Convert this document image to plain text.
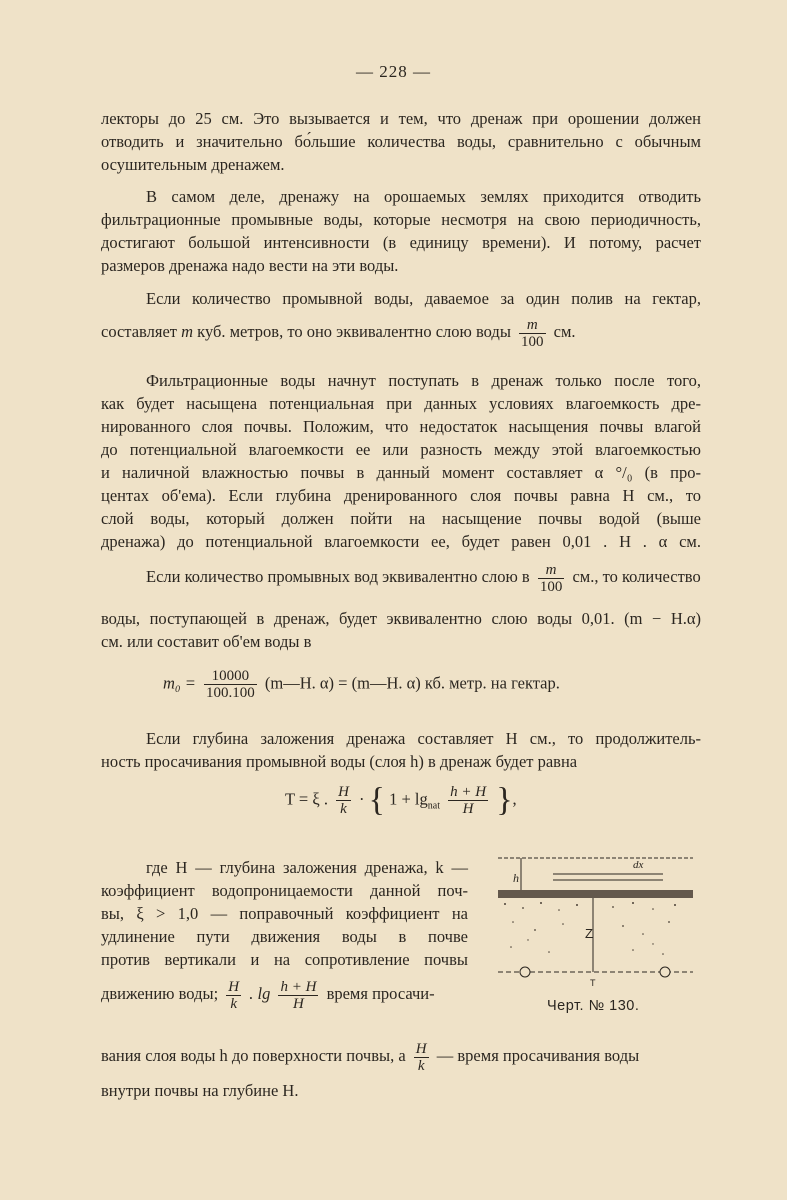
— 228 —
лекторы до 25 см. Это вызывается и тем, что дренаж при орошении должен
отводить и значительно бо́льшие количества воды, сравнительно с обычным
осушительным дренажем.
В самом деле, дренажу на орошаемых землях приходится отводить
фильтрационные промывные воды, которые несмотря на свою периодичность,
достигают большой интенсивности (в единицу времени). И потому, расчет
размеров дренажа надо вести на эти воды.
Если количество промывной воды, даваемое за один полив на гектар,
составляет m куб. метров, то оно эквивалентно слою воды $\frac{m}{100}$ см.
Фильтрационные воды начнут поступать в дренаж только после того,
как будет насыщена потенциальная при данных условиях влагоемкость дре-
нированного слоя почвы. Положим, что недостаток насыщения почвы влагой
до потенциальной влагоемкости ее или разность между этой влагоемкостью
и наличной влажностью почвы в данный момент составляет α °/₀ (в про-
центах об'ема). Если глубина дренированного слоя почвы равна H см., то
слой воды, который должен пойти на насыщение почвы водой (выше
дренажа) до потенциальной влагоемкости ее, будет равен 0,01 . H . α см.
Если количество промывных вод эквивалентно слою в $\frac{m}{100}$ см., то количество
воды, поступающей в дренаж, будет эквивалентно слою воды 0,01. (m − H.α)
см. или составит об'ем воды в
$m_0 = \frac{10000}{100.100}$ (m—H. α) = (m—H. α) кб. метр. на гектар.
Если глубина заложения дренажа составляет H см., то продолжитель-
ность просачивания промывной воды (слоя h) в дренаж будет равна
T = ξ . $\frac{H}{k}$ · { $1 + \lg_{nat} \frac{h + H}{H}$ },
где H — глубина заложения дренажа, k —
коэффициент водопроницаемости данной поч-
вы, ξ > 1,0 — поправочный коэффициент на
удлинение пути движения воды в почве
против вертикали и на сопротивление почвы
движению воды; $\frac{H}{k}$ . $\lg \frac{h + H}{H}$ время просачи-
вания слоя воды h до поверхности почвы, а $\frac{H}{k}$ — время просачивания воды
внутри почвы на глубине H.
h
dx
Z
T
Черт. № 130.
